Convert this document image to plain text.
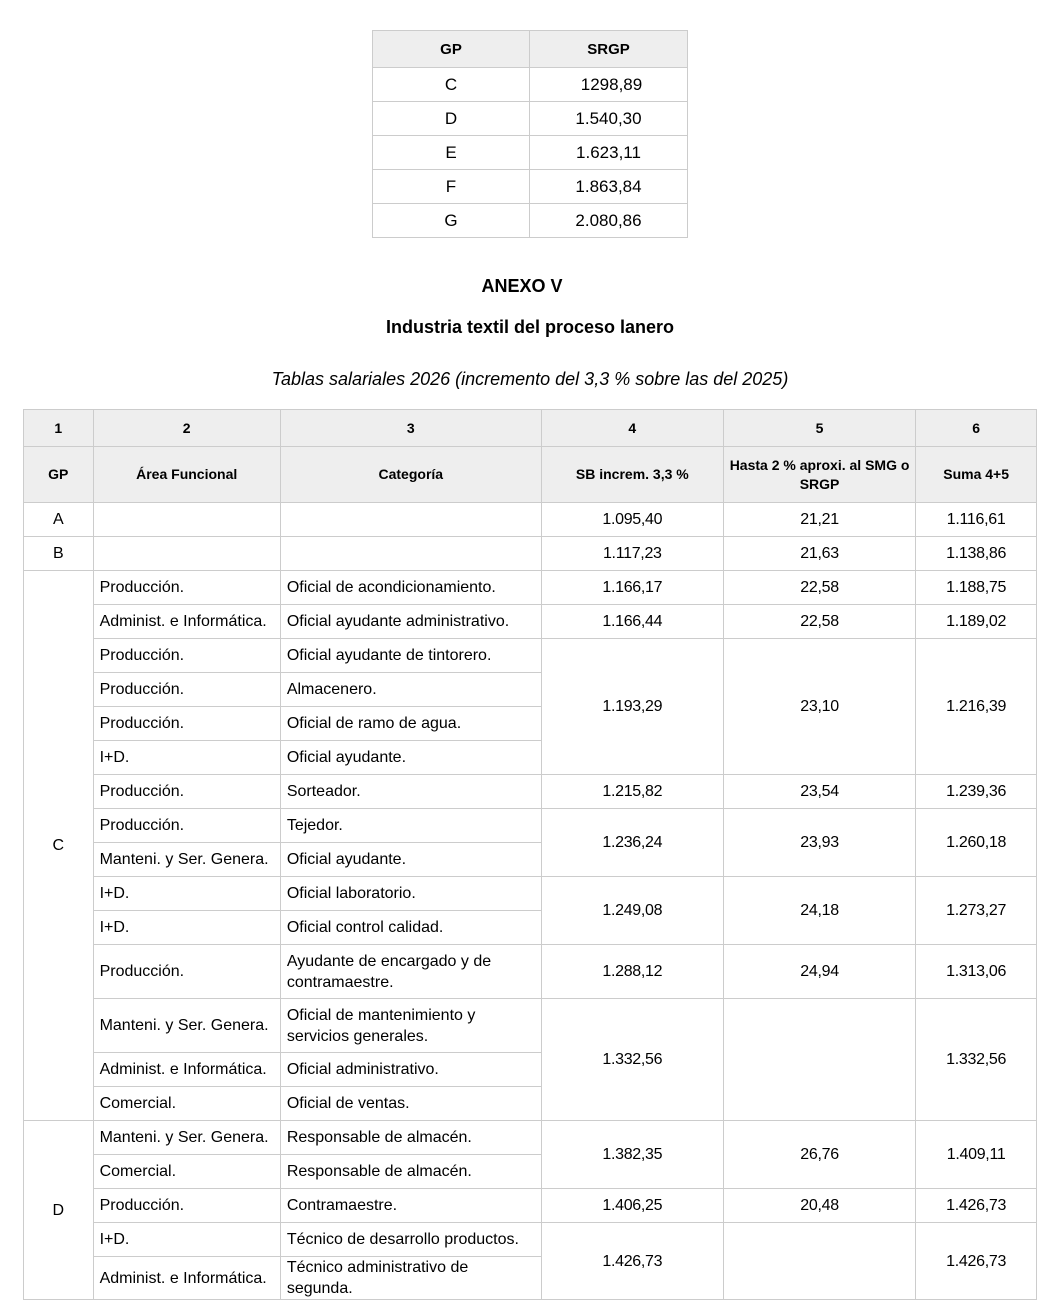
GP	SRGP
C	1298,89
D	1.540,30
E	1.623,11
F	1.863,84
G	2.080,86
ANEXO V
Industria textil del proceso lanero
Tablas salariales 2026 (incremento del 3,3 % sobre las del 2025)
1	2	3	4	5	6
GP	Área Funcional	Categoría	SB increm. 3,3 %	Hasta 2 % aproxi. al SMG o SRGP	Suma 4+5
A			1.095,40	21,21	1.116,61
B			1.117,23	21,63	1.138,86
C	Producción.	Oficial de acondicionamiento.	1.166,17	22,58	1.188,75
	Administ. e Informática.	Oficial ayudante administrativo.	1.166,44	22,58	1.189,02
	Producción.	Oficial ayudante de tintorero.	1.193,29	23,10	1.216,39
	Producción.	Almacenero.			
	Producción.	Oficial de ramo de agua.			
	I+D.	Oficial ayudante.			
	Producción.	Sorteador.	1.215,82	23,54	1.239,36
	Producción.	Tejedor.	1.236,24	23,93	1.260,18
	Manteni. y Ser. Genera.	Oficial ayudante.			
	I+D.	Oficial laboratorio.	1.249,08	24,18	1.273,27
	I+D.	Oficial control calidad.			
	Producción.	Ayudante de encargado y de contramaestre.	1.288,12	24,94	1.313,06
	Manteni. y Ser. Genera.	Oficial de mantenimiento y servicios generales.	1.332,56		1.332,56
	Administ. e Informática.	Oficial administrativo.			
	Comercial.	Oficial de ventas.			
D	Manteni. y Ser. Genera.	Responsable de almacén.	1.382,35	26,76	1.409,11
	Comercial.	Responsable de almacén.			
	Producción.	Contramaestre.	1.406,25	20,48	1.426,73
	I+D.	Técnico de desarrollo productos.	1.426,73		1.426,73
	Administ. e Informática.	Técnico administrativo de segunda.			
